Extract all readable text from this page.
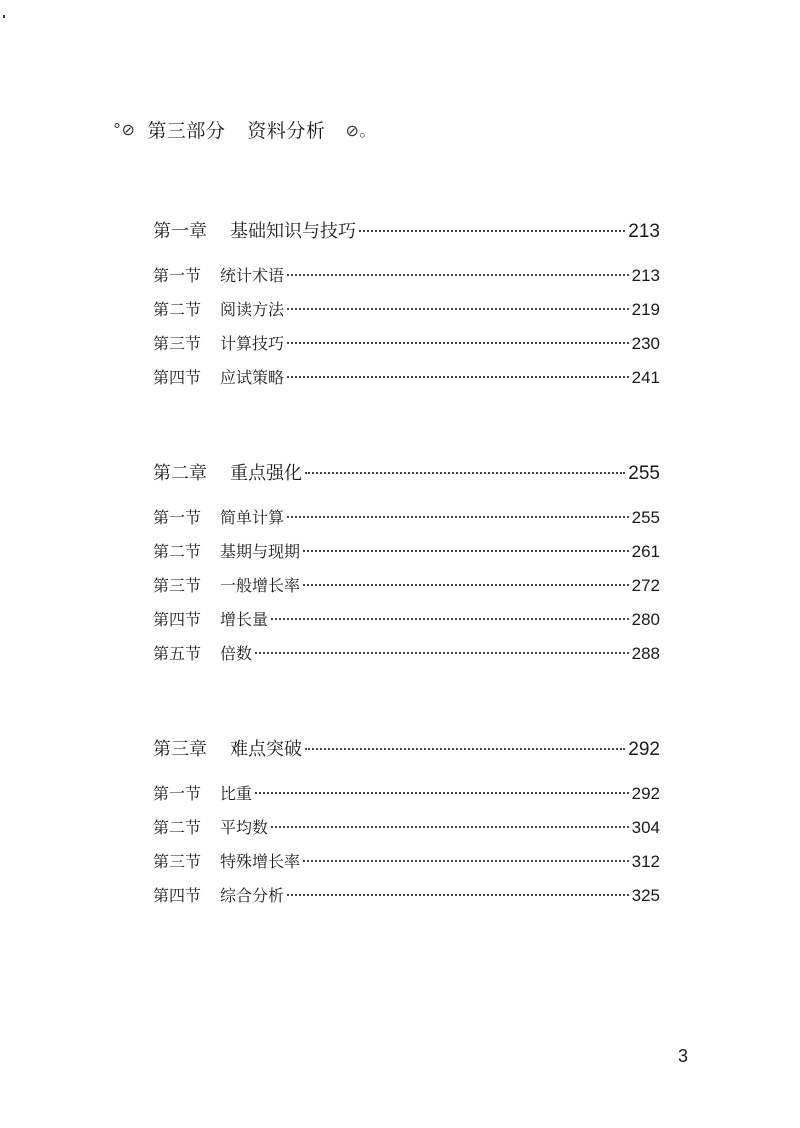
°⊘ 第三部分 资料分析 ⊘。
第一章	基础知识与技巧	213
第一节	统计术语	213
第二节	阅读方法	219
第三节	计算技巧	230
第四节	应试策略	241
第二章	重点强化	255
第一节	简单计算	255
第二节	基期与现期	261
第三节	一般增长率	272
第四节	增长量	280
第五节	倍数	288
第三章	难点突破	292
第一节	比重	292
第二节	平均数	304
第三节	特殊增长率	312
第四节	综合分析	325
3
